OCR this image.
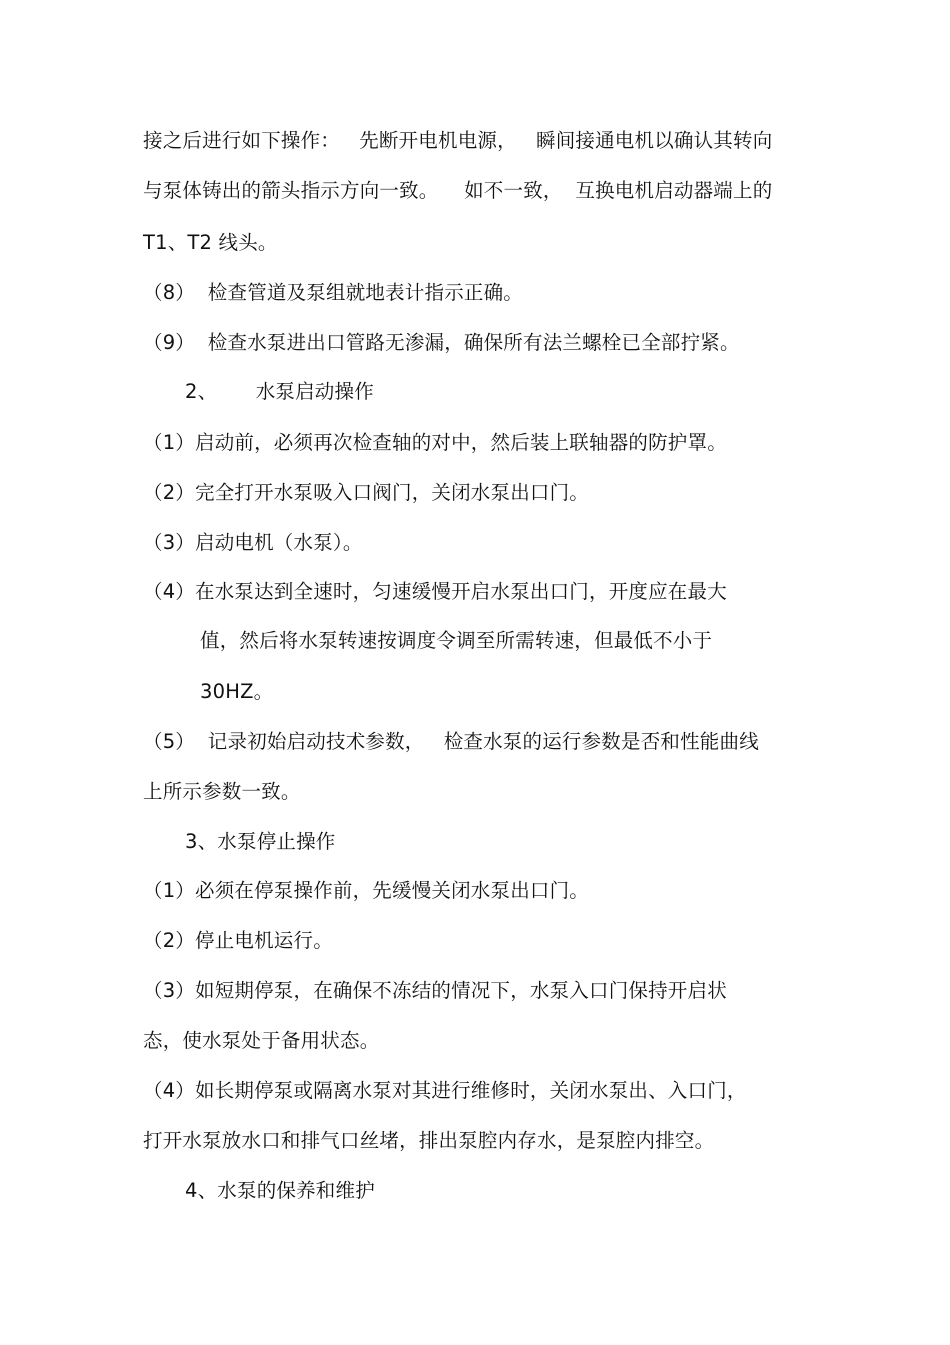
接之后进行如下操作：   先断开电机电源，   瞬间接通电机以确认其转向
与泵体铸出的箭头指示方向一致。    如不一致，  互换电机启动器端上的
T1、T2 线头。
（8）  检查管道及泵组就地表计指示正确。
（9）  检查水泵进出口管路无渗漏，确保所有法兰螺栓已全部拧紧。
2、      水泵启动操作
（1）启动前，必须再次检查轴的对中，然后装上联轴器的防护罩。
（2）完全打开水泵吸入口阀门，关闭水泵出口门。
（3）启动电机（水泵）。
（4）在水泵达到全速时，匀速缓慢开启水泵出口门，开度应在最大
值，然后将水泵转速按调度令调至所需转速，但最低不小于
30HZ。
（5）  记录初始启动技术参数，   检查水泵的运行参数是否和性能曲线
上所示参数一致。
3、水泵停止操作
（1）必须在停泵操作前，先缓慢关闭水泵出口门。
（2）停止电机运行。
（3）如短期停泵，在确保不冻结的情况下，水泵入口门保持开启状
态，使水泵处于备用状态。
（4）如长期停泵或隔离水泵对其进行维修时，关闭水泵出、入口门，
打开水泵放水口和排气口丝堵，排出泵腔内存水，是泵腔内排空。
4、水泵的保养和维护
